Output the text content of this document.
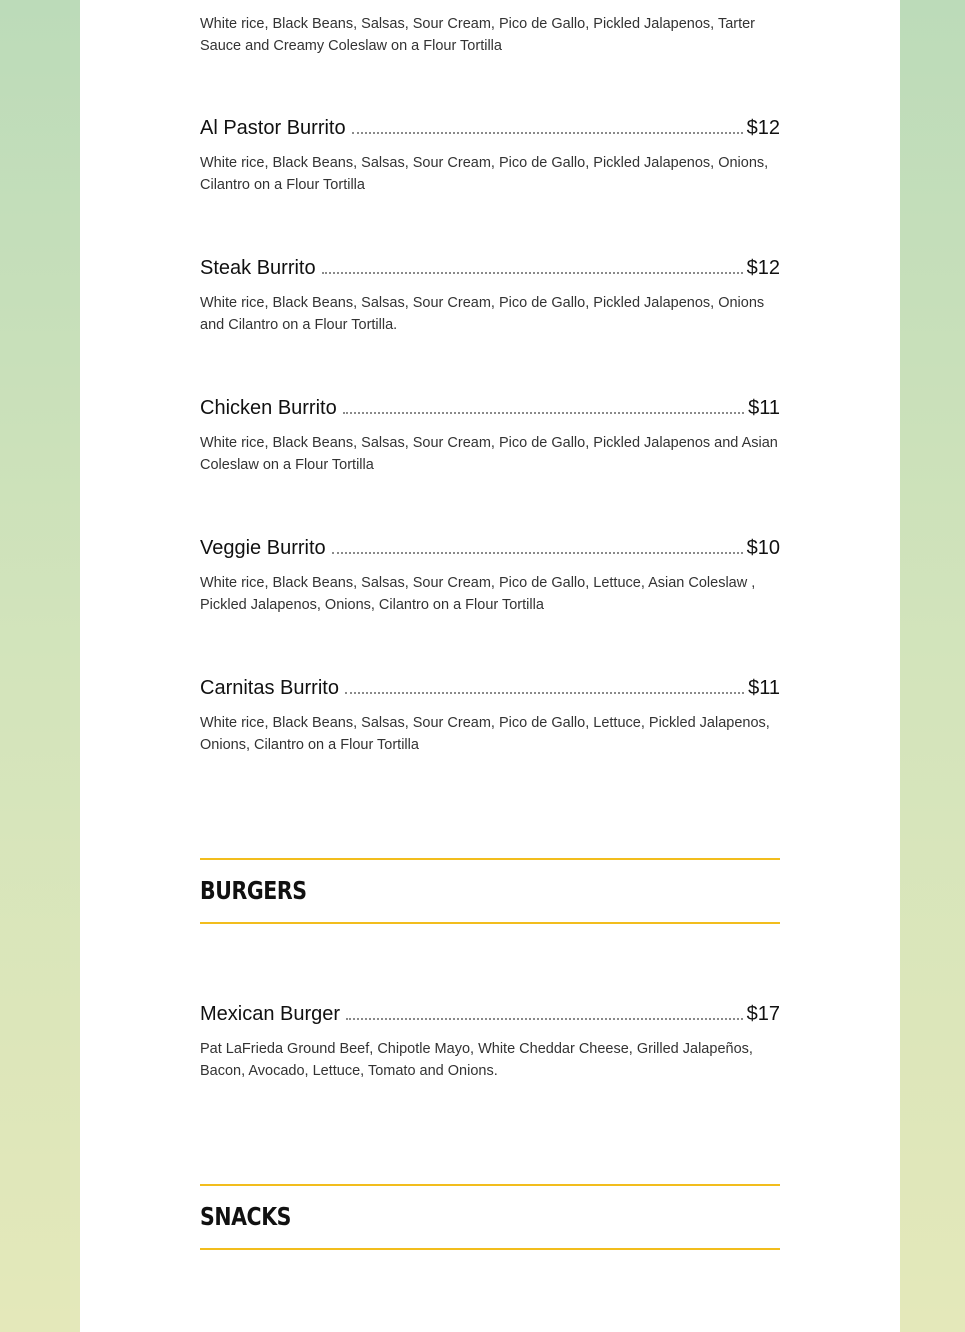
White rice, Black Beans, Salsas, Sour Cream, Pico de Gallo, Pickled Jalapenos, Tarter Sauce and Creamy Coleslaw on a Flour Tortilla
Al Pastor Burrito	$12
White rice, Black Beans, Salsas, Sour Cream, Pico de Gallo, Pickled Jalapenos, Onions, Cilantro on a Flour Tortilla
Steak Burrito	$12
White rice, Black Beans, Salsas, Sour Cream, Pico de Gallo, Pickled Jalapenos, Onions and Cilantro on a Flour Tortilla.
Chicken Burrito	$11
White rice, Black Beans, Salsas, Sour Cream, Pico de Gallo, Pickled Jalapenos and Asian Coleslaw on a Flour Tortilla
Veggie Burrito	$10
White rice, Black Beans, Salsas, Sour Cream, Pico de Gallo, Lettuce, Asian Coleslaw , Pickled Jalapenos, Onions, Cilantro on a Flour Tortilla
Carnitas Burrito	$11
White rice, Black Beans, Salsas, Sour Cream, Pico de Gallo, Lettuce, Pickled Jalapenos, Onions, Cilantro on a Flour Tortilla
BURGERS
Mexican Burger	$17
Pat LaFrieda Ground Beef, Chipotle Mayo, White Cheddar Cheese, Grilled Jalapeños, Bacon, Avocado, Lettuce, Tomato and Onions.
SNACKS
